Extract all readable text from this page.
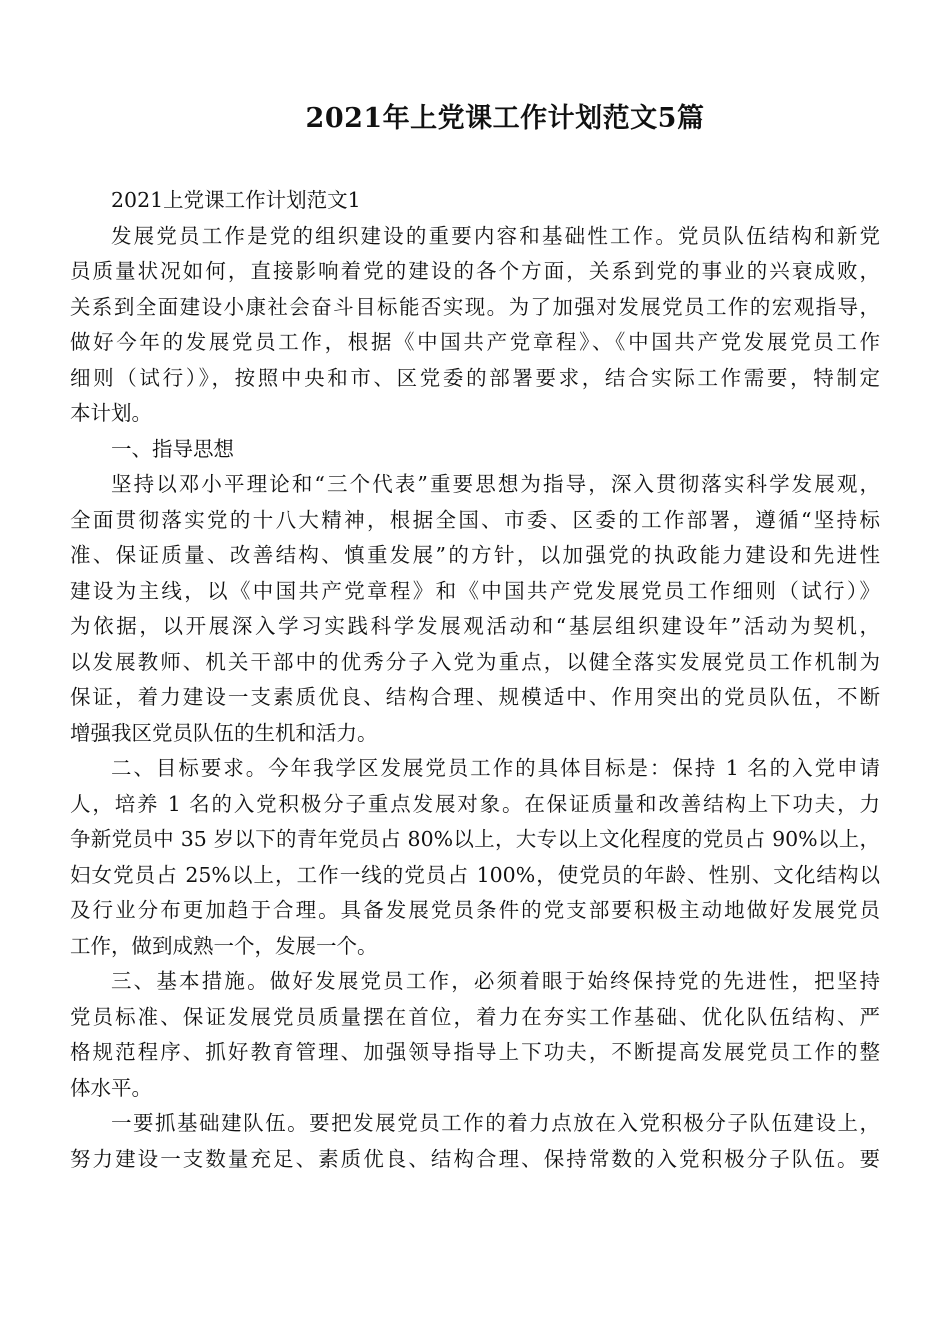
2021年上党课工作计划范文5篇
2021上党课工作计划范文1
发展党员工作是党的组织建设的重要内容和基础性工作。党员队伍结构和新党
员质量状况如何，直接影响着党的建设的各个方面，关系到党的事业的兴衰成败，
关系到全面建设小康社会奋斗目标能否实现。为了加强对发展党员工作的宏观指导，
做好今年的发展党员工作，根据《中国共产党章程》、《中国共产党发展党员工作
细则（试行）》，按照中央和市、区党委的部署要求，结合实际工作需要，特制定
本计划。
一、指导思想
坚持以邓小平理论和“三个代表”重要思想为指导，深入贯彻落实科学发展观，
全面贯彻落实党的十八大精神，根据全国、市委、区委的工作部署，遵循“坚持标
准、保证质量、改善结构、慎重发展”的方针，以加强党的执政能力建设和先进性
建设为主线，以《中国共产党章程》和《中国共产党发展党员工作细则（试行）》
为依据，以开展深入学习实践科学发展观活动和“基层组织建设年”活动为契机，
以发展教师、机关干部中的优秀分子入党为重点，以健全落实发展党员工作机制为
保证，着力建设一支素质优良、结构合理、规模适中、作用突出的党员队伍，不断
增强我区党员队伍的生机和活力。
二、目标要求。今年我学区发展党员工作的具体目标是：保持 1 名的入党申请
人，培养 1 名的入党积极分子重点发展对象。在保证质量和改善结构上下功夫，力
争新党员中 35 岁以下的青年党员占 80%以上，大专以上文化程度的党员占 90%以上，
妇女党员占 25%以上，工作一线的党员占 100%，使党员的年龄、性别、文化结构以
及行业分布更加趋于合理。具备发展党员条件的党支部要积极主动地做好发展党员
工作，做到成熟一个，发展一个。
三、基本措施。做好发展党员工作，必须着眼于始终保持党的先进性，把坚持
党员标准、保证发展党员质量摆在首位，着力在夯实工作基础、优化队伍结构、严
格规范程序、抓好教育管理、加强领导指导上下功夫，不断提高发展党员工作的整
体水平。
一要抓基础建队伍。要把发展党员工作的着力点放在入党积极分子队伍建设上，
努力建设一支数量充足、素质优良、结构合理、保持常数的入党积极分子队伍。要
